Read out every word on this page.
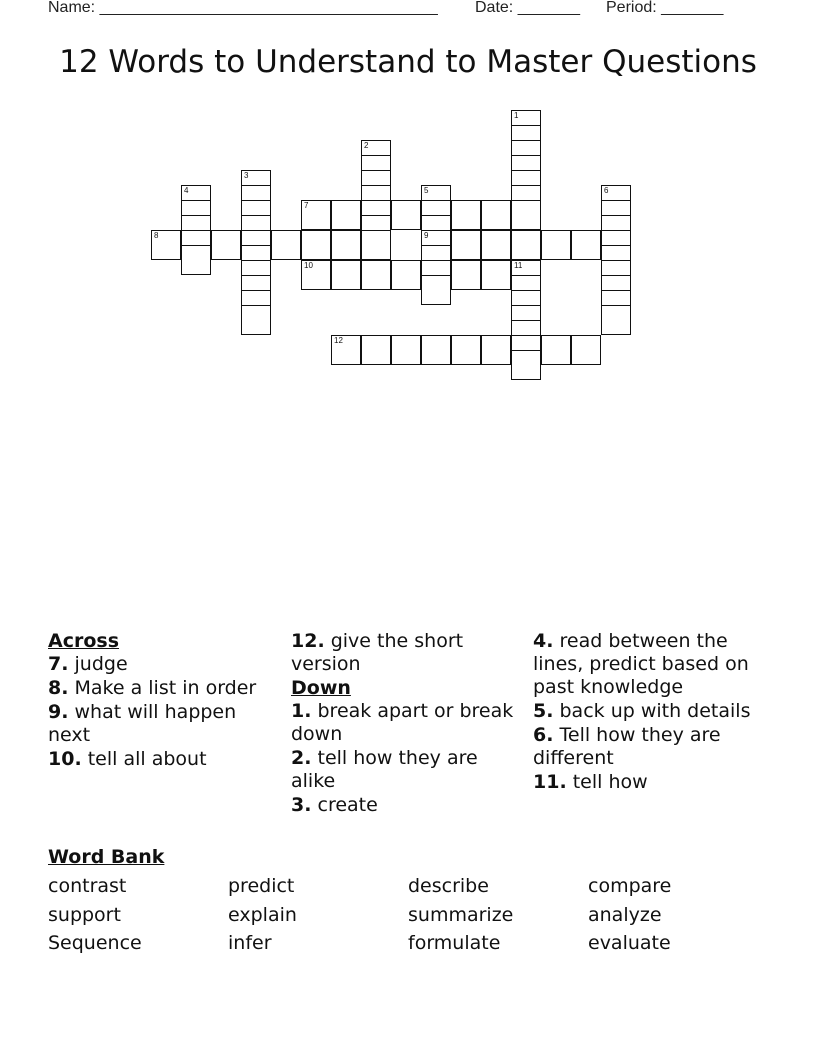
Name: ______________________________________ Date: _______ Period: _______
12 Words to Understand to Master Questions
1
2
3
4	5
9
6
7
8
10	11
12
Across
7. judge
8. Make a list in order
9. what will happen next
10. tell all about
12. give the short version
Down
1. break apart or break down
2. tell how they are alike
3. create
4. read between the lines, predict based on past knowledge
5. back up with details
6. Tell how they are different
11. tell how
Word Bank
contrast	predict	describe	compare
support	explain	summarize	analyze
Sequence	infer	formulate	evaluate
